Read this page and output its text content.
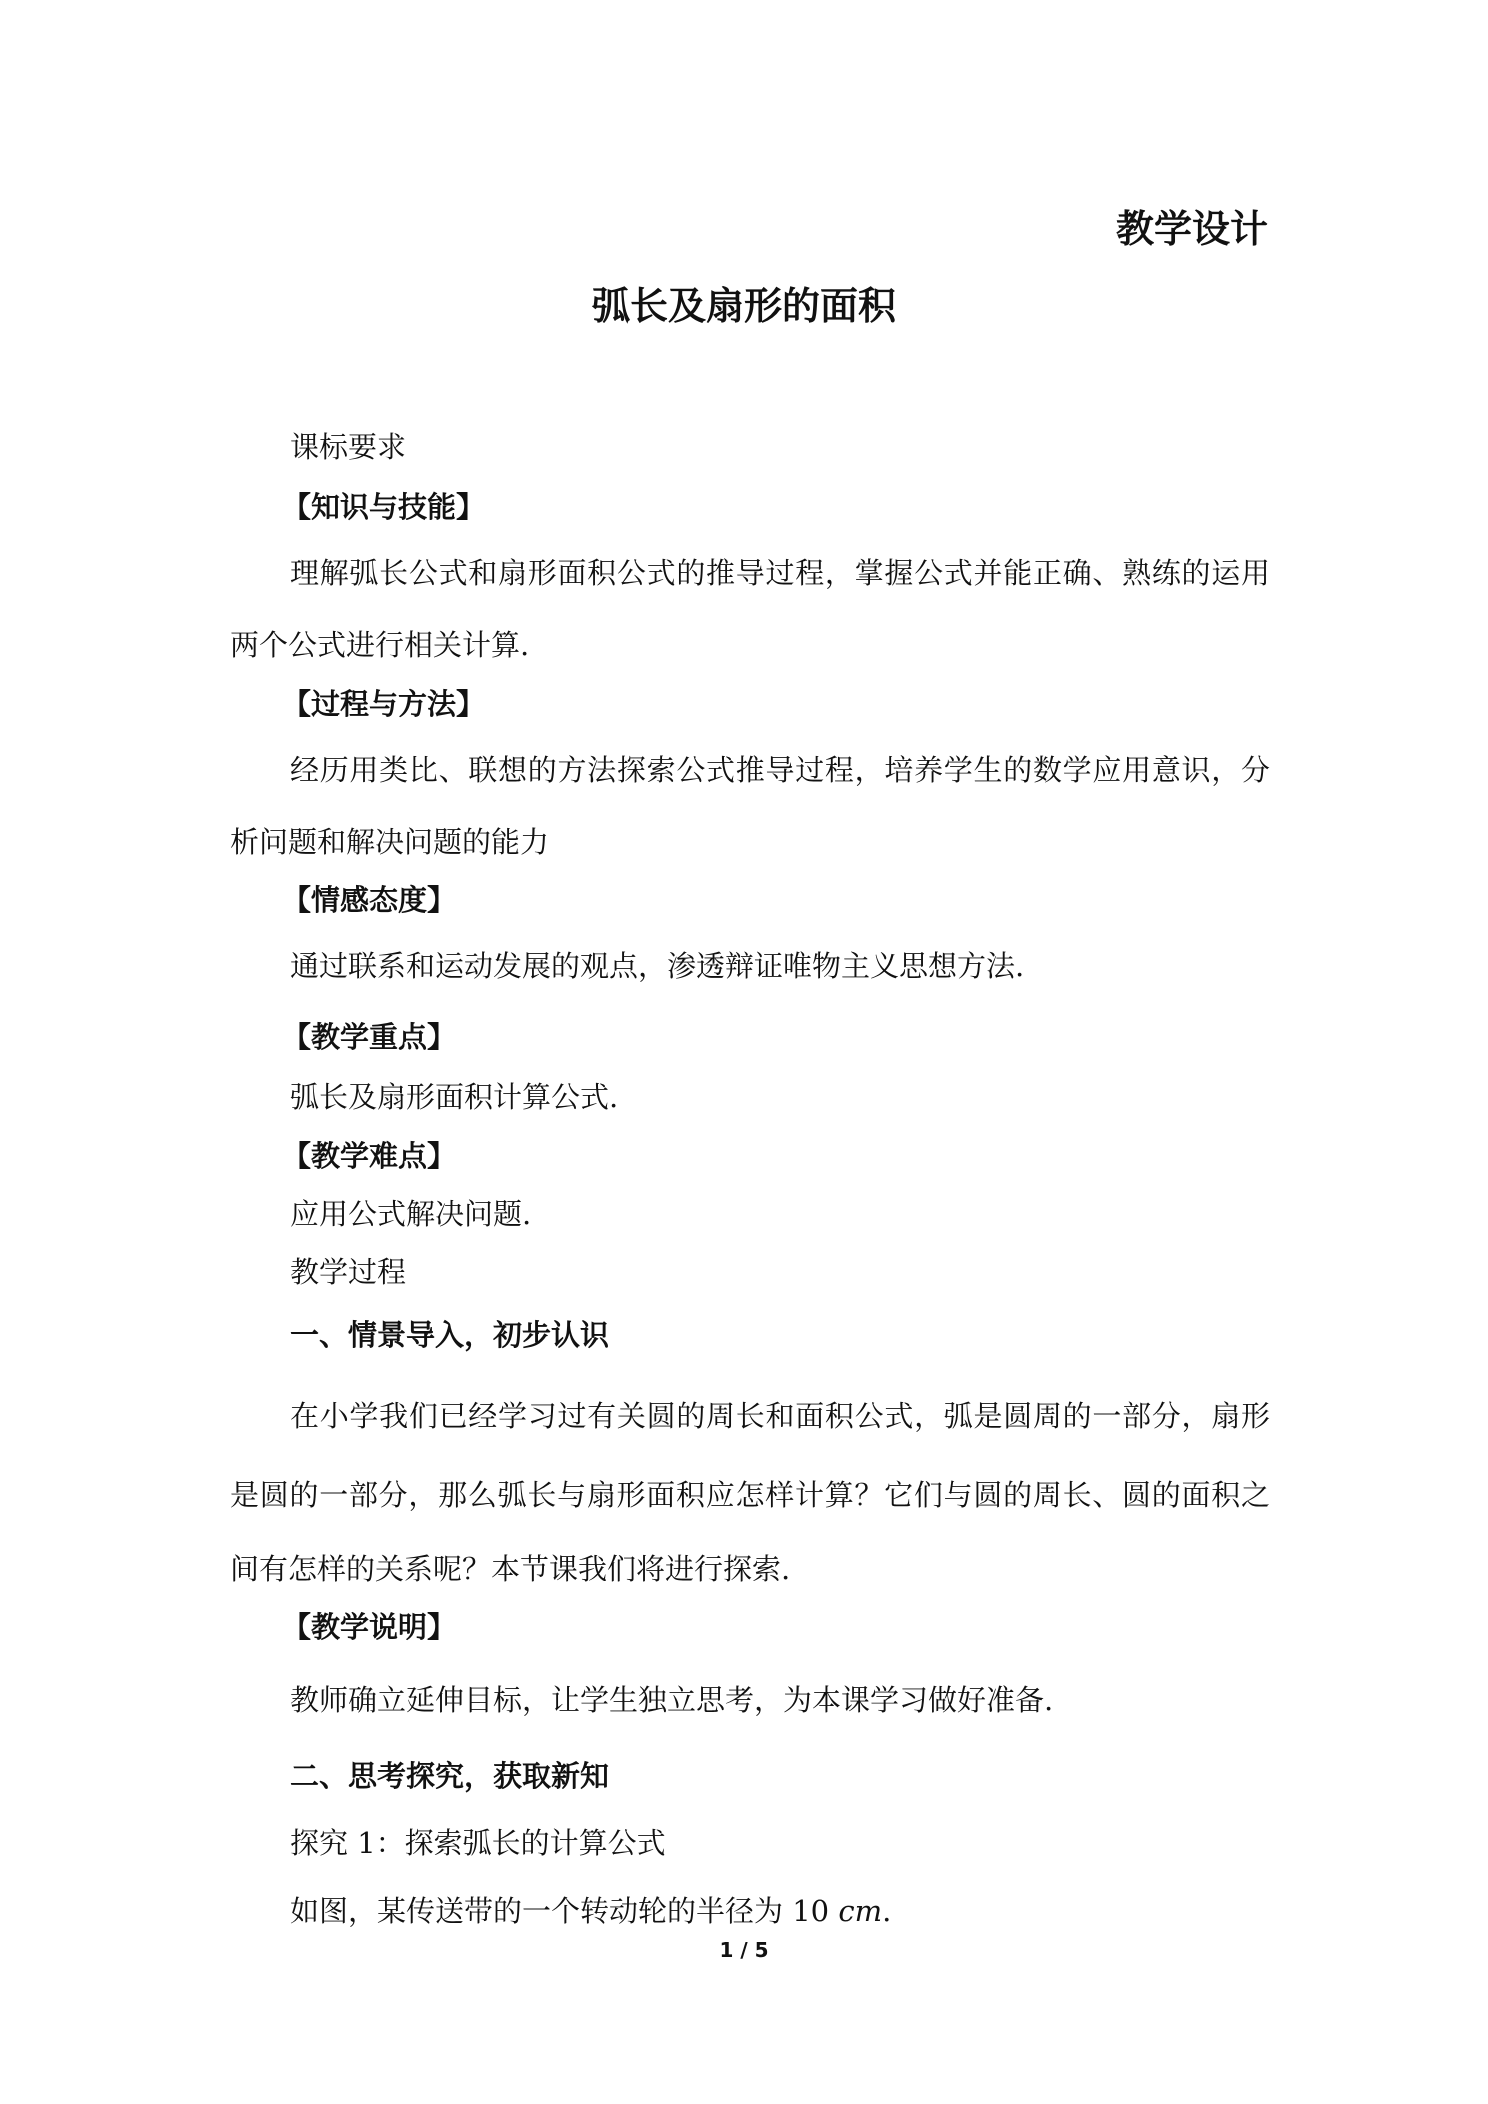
教学设计
弧长及扇形的面积
课标要求
【知识与技能】
理解弧长公式和扇形面积公式的推导过程，掌握公式并能正确、熟练的运用
两个公式进行相关计算.
【过程与方法】
经历用类比、联想的方法探索公式推导过程，培养学生的数学应用意识，分
析问题和解决问题的能力
【情感态度】
通过联系和运动发展的观点，渗透辩证唯物主义思想方法.
【教学重点】
弧长及扇形面积计算公式.
【教学难点】
应用公式解决问题.
教学过程
一、情景导入，初步认识
在小学我们已经学习过有关圆的周长和面积公式，弧是圆周的一部分，扇形
是圆的一部分，那么弧长与扇形面积应怎样计算？它们与圆的周长、圆的面积之
间有怎样的关系呢？本节课我们将进行探索.
【教学说明】
教师确立延伸目标，让学生独立思考，为本课学习做好准备.
二、思考探究，获取新知
探究 1：探索弧长的计算公式
如图，某传送带的一个转动轮的半径为 10 cm.
1 / 5
